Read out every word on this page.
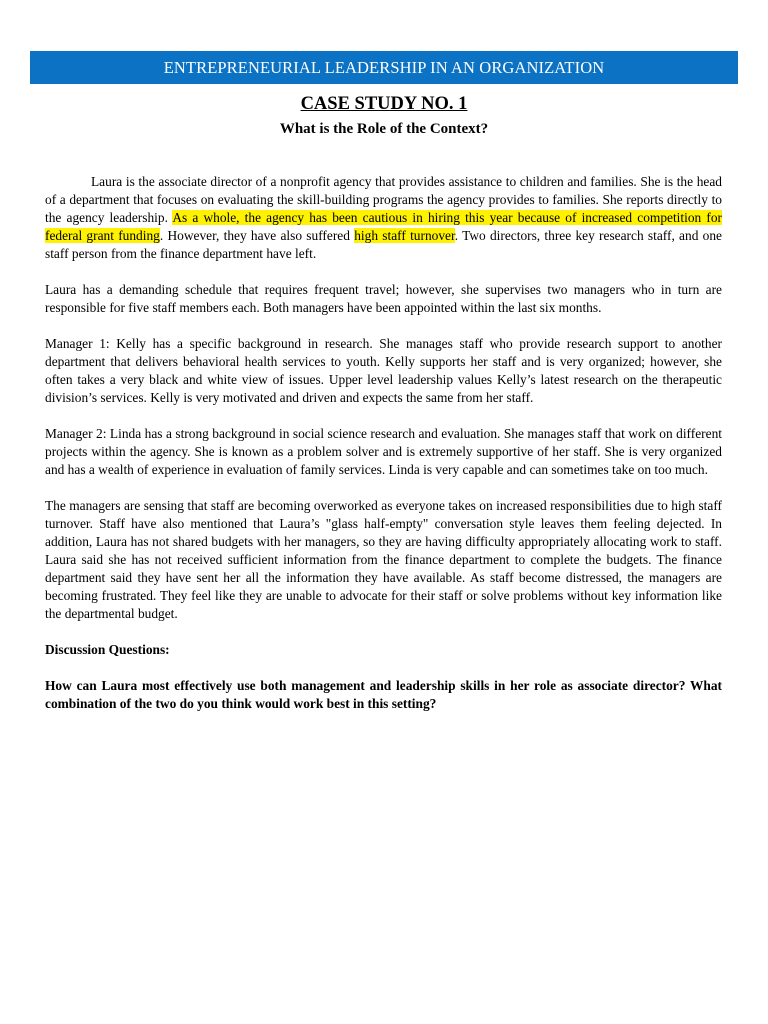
ENTREPRENEURIAL LEADERSHIP IN AN ORGANIZATION
CASE STUDY NO. 1
What is the Role of the Context?

Laura is the associate director of a nonprofit agency that provides assistance to children and families. She is the head of a department that focuses on evaluating the skill-building programs the agency provides to families. She reports directly to the agency leadership. As a whole, the agency has been cautious in hiring this year because of increased competition for federal grant funding. However, they have also suffered high staff turnover. Two directors, three key research staff, and one staff person from the finance department have left.

Laura has a demanding schedule that requires frequent travel; however, she supervises two managers who in turn are responsible for five staff members each. Both managers have been appointed within the last six months.

Manager 1: Kelly has a specific background in research. She manages staff who provide research support to another department that delivers behavioral health services to youth. Kelly supports her staff and is very organized; however, she often takes a very black and white view of issues. Upper level leadership values Kelly’s latest research on the therapeutic division’s services. Kelly is very motivated and driven and expects the same from her staff.

Manager 2: Linda has a strong background in social science research and evaluation. She manages staff that work on different projects within the agency. She is known as a problem solver and is extremely supportive of her staff. She is very organized and has a wealth of experience in evaluation of family services. Linda is very capable and can sometimes take on too much.

The managers are sensing that staff are becoming overworked as everyone takes on increased responsibilities due to high staff turnover. Staff have also mentioned that Laura’s "glass half-empty" conversation style leaves them feeling dejected. In addition, Laura has not shared budgets with her managers, so they are having difficulty appropriately allocating work to staff. Laura said she has not received sufficient information from the finance department to complete the budgets. The finance department said they have sent her all the information they have available. As staff become distressed, the managers are becoming frustrated. They feel like they are unable to advocate for their staff or solve problems without key information like the departmental budget.

Discussion Questions:

How can Laura most effectively use both management and leadership skills in her role as associate director? What combination of the two do you think would work best in this setting?
